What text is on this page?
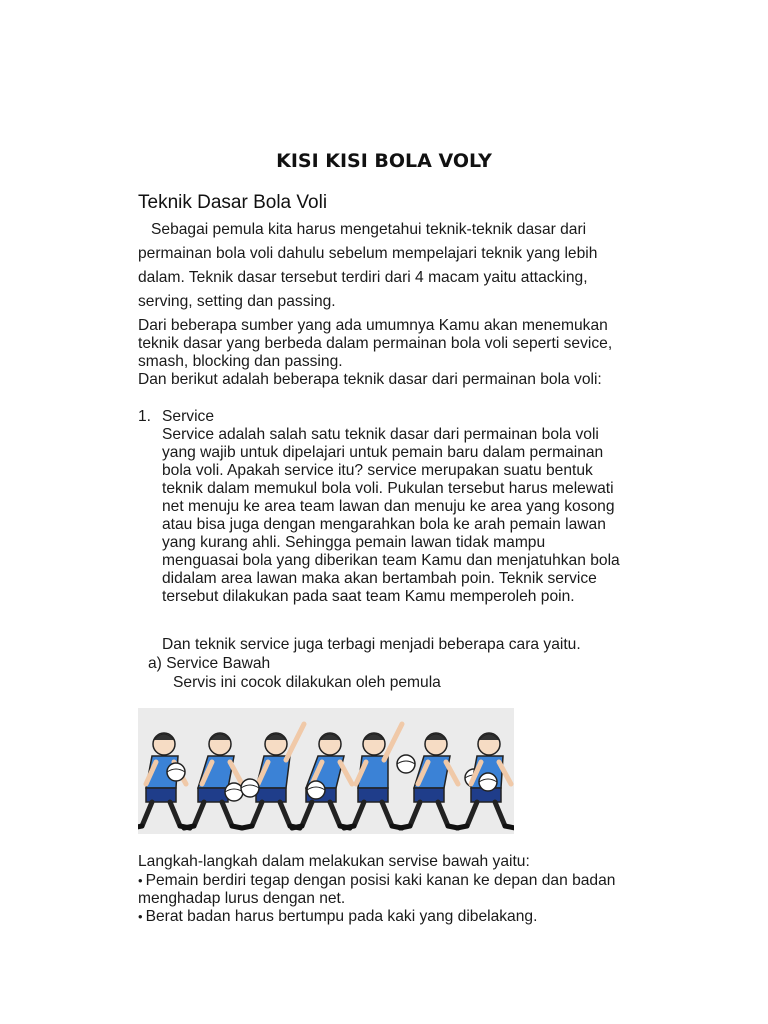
KISI KISI BOLA VOLY
Teknik Dasar Bola Voli
Sebagai pemula kita harus mengetahui teknik-teknik dasar dari
permainan bola voli dahulu sebelum mempelajari teknik yang lebih
dalam. Teknik dasar tersebut terdiri dari 4 macam yaitu attacking,
serving, setting dan passing.
Dari beberapa sumber yang ada umumnya Kamu akan menemukan
teknik dasar yang berbeda dalam permainan bola voli seperti sevice,
smash, blocking dan passing.
Dan berikut adalah beberapa teknik dasar dari permainan bola voli:
1. Service
Service adalah salah satu teknik dasar dari permainan bola voli
yang wajib untuk dipelajari untuk pemain baru dalam permainan
bola voli. Apakah service itu? service merupakan suatu bentuk
teknik dalam memukul bola voli. Pukulan tersebut harus melewati
net menuju ke area team lawan dan menuju ke area yang kosong
atau bisa juga dengan mengarahkan bola ke arah pemain lawan
yang kurang ahli. Sehingga pemain lawan tidak mampu
menguasai bola yang diberikan team Kamu dan menjatuhkan bola
didalam area lawan maka akan bertambah poin. Teknik service
tersebut dilakukan pada saat team Kamu memperoleh poin.
Dan teknik service juga terbagi menjadi beberapa cara yaitu.
a) Service Bawah
Servis ini cocok dilakukan oleh pemula
Langkah-langkah dalam melakukan servise bawah yaitu:
• Pemain berdiri tegap dengan posisi kaki kanan ke depan dan badan menghadap lurus dengan net.
• Berat badan harus bertumpu pada kaki yang dibelakang.
